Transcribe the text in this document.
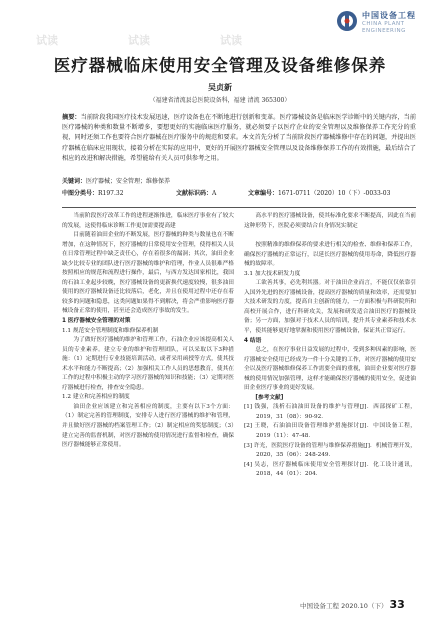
中国设备工程
CHINA PLANT
ENGINEERING
试读	试读	试读
医疗器械临床使用安全管理及设备维修保养
吴贞新
（福建省清流县总医院设备科，福建 清流 365300）
摘要：当前阶段我国医疗技术发展迅速，医疗设备也在不断地进行创新和变革。医疗器械设备是临床医学诊断中的关键内容，当前医疗器械的种类和数量不断增多，要想更好的实施临床医疗服务，就必须要子以医疗企业的安全管理以及维修保养工作充分的重视，同时还须工作也要符合医疗器械在医疗服务中的规范和要求。本文首先分析了当前阶段医疗器械维修中存在的问题，并提出医疗器械在临床应用现状，接着分析在实际的应用中，更好的开展医疗器械安全管理以及设备维修保养工作的有效措施，最后结合了相应的改进和解决措施，希望能给有关人员可供参考之用。
关键词：医疗器械；安全管理；维修保养
中图分类号：R197.32	文献标识码：A	文章编号：1671-0711（2020）10（下）-0033-03

当前阶段医疗改革工作的进程逐渐推进，临床医疗事业有了较大的发展，这使得临床诊断工作更加需要提高建

目前随着油田企业的不断发展，医疗器械的种类与数量也在不断增加，在这种情况下，医疗器械的日常使用安全管理，使得相关人员在日常管理过程中缺乏责任心，存在着很多的漏洞；其次，油田企业缺少比较专业的团队进行医疗器械的维护和管理，作业人员很难严格按照相应的规范和流程进行操作，最后，与西方发达国家相比，我国的石油工业起步较晚，医疗器械设备的更新换代速度较慢，很多油田使用的医疗器械设备还比较落后，老化，并且在使用过程中还存在着较多的问题和隐患，这类问题如果得不到解决，将会严重影响医疗器械设备正常的使用，甚至还会造成医疗事故的发生。

1 医疗器械安全管理的对策

1.1 规范安全管理制度和维修保养机制

为了做好医疗器械的维护和管理工作，石油企业应该提高相关人员的专业素养。建立专业的维护和管理团队，可以采取以下3种措施：（1）定期进行专业技能培训活动，或者采用函授等方式，使其技术水平和能力不断提高；（2）加强相关工作人员的思想教育，使其在工作的过程中积极主动的学习医疗器械的知识和技能；（3）定期对医疗器械进行检查，排查安全隐患。

1.2 建立和完善相应的制度

油田企业应该建立和完善相应的制度，主要有以下3个方面：（1）制定完善的管理制度，安排专人进行医疗器械的维护和管理，并且做好医疗器械的档案管理工作；（2）制定相应的奖惩制度；（3）建立完善的监督机制，对医疗器械的使用情况进行监督和检查，确保医疗器械能够正常使用。

高水平的医疗器械设备，使其标准化要求不断提高，因此在当前这种形势下，医院必须要结合自身情况实制定

按照精准的维修保养的要求进行相关的检查、维修和保养工作，确保医疗器械的正常运行，以延长医疗器械的使用寿命，降低医疗器械的故障率。

3.1 加大技术研发力度

工欲善其事，必先利其器。对于油田企业而言，不能仅仅依靠引入国外先进的医疗器械设备，提高医疗器械的质量和效率，还需要加大技术研发的力度，提高自主创新的能力，一方面积极与科研院所和高校开展合作，进行科研攻关，发展和研发适合油田医疗的器械设备；另一方面，加强对于技术人员的培训，提升其专业素养和技术水平，使其能够更好地掌握和使用医疗器械设备，保证其正常运行。

4 结语

总之，在医疗事业日益发展的过程中，受到多种因素的影响，医疗器械安全使用已经成为一件十分关键的工作，对医疗器械的使用安全以及医疗器械维修保养工作需要全面的重视，油田企业要对医疗器械的使用情况加强管理，这样才能确保医疗器械的使用安全，促进油田企业医疗事业的更好发展。

[参考文献]

[1] 钱强，浅析石油油田设备的维护与管理[J]．西部探矿工程，2019，31（08）：90-92．

[2] 王晓，石油油田设备管理维护措施探讨[J]．中国设备工程，2019（11）：47-48．

[3] 许光，医院医疗设备的管理与维修保养措施[J]．机械管理开发，2020，35（06）：248-249．

[4] 吴志，医疗器械临床使用安全管理探讨[J]．化工设计通讯，2018，44（01）：204．

中国设备工程 2020.10（下） 33
